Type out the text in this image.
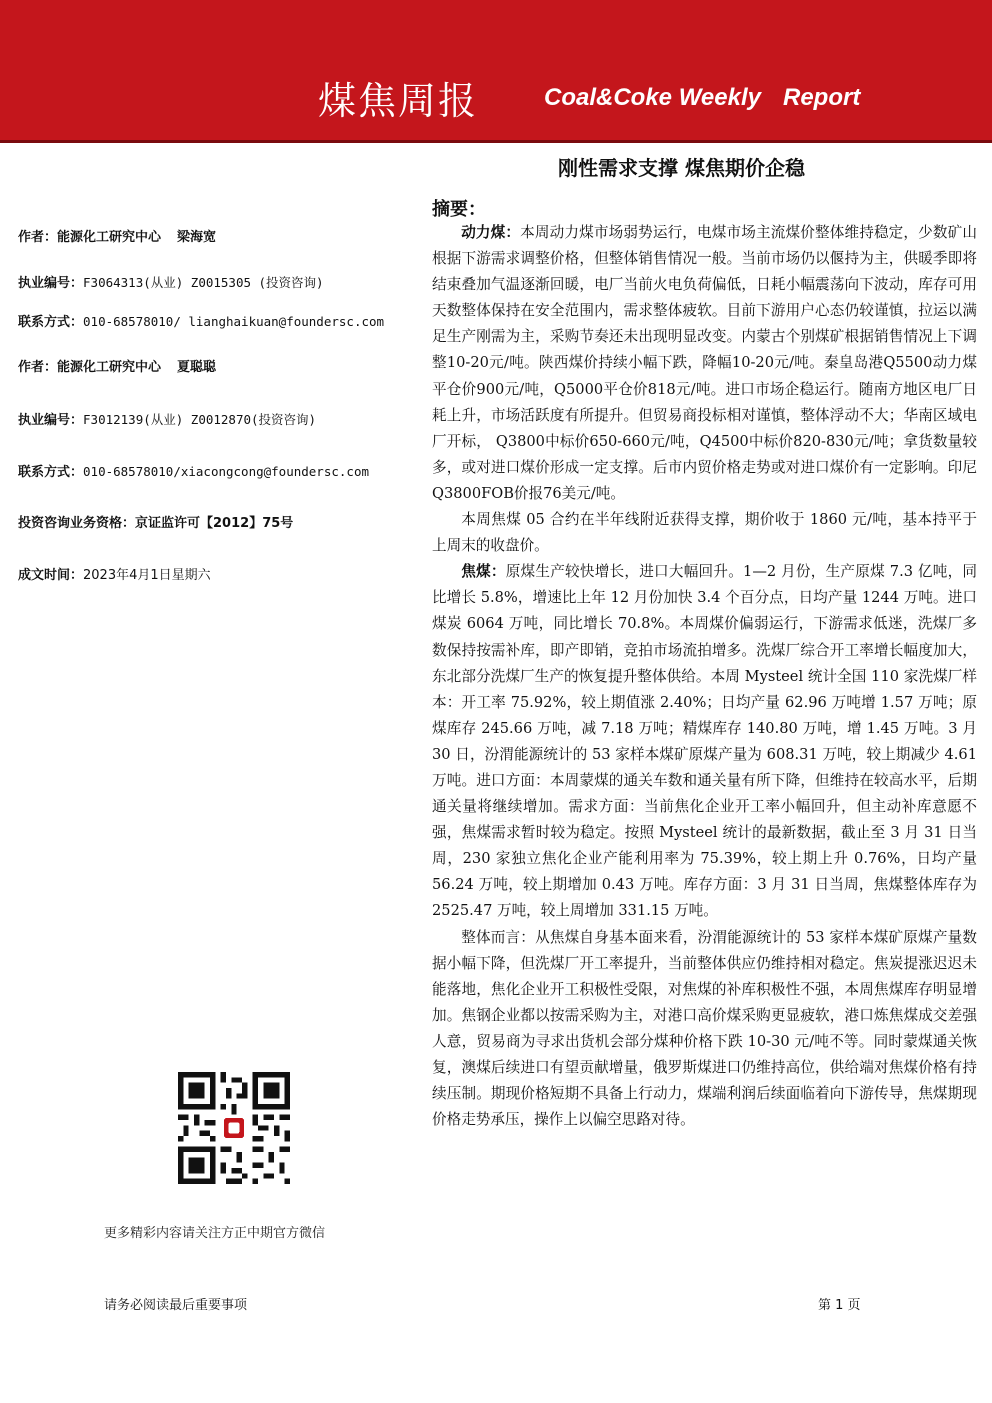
煤焦周报	Coal&Coke Weekly Report
刚性需求支撑 煤焦期价企稳
作者：能源化工研究中心 梁海宽
执业编号：F3064313(从业) Z0015305 (投资咨询)
联系方式：010-68578010/ lianghaikuan@foundersc.com
作者：能源化工研究中心 夏聪聪
执业编号：F3012139(从业) Z0012870(投资咨询)
联系方式：010-68578010/xiacongcong@foundersc.com
投资咨询业务资格：京证监许可【2012】75号
成文时间：2023年4月1日星期六
更多精彩内容请关注方正中期官方微信
摘要：

动力煤：本周动力煤市场弱势运行，电煤市场主流煤价整体维持稳定，少数矿山根据下游需求调整价格，但整体销售情况一般。当前市场仍以偃持为主，供暖季即将结束叠加气温逐渐回暖，电厂当前火电负荷偏低，日耗小幅震荡向下波动，库存可用天数整体保持在安全范围内，需求整体疲软。目前下游用户心态仍较谨慎，拉运以满足生产刚需为主，采购节奏还未出现明显改变。内蒙古个别煤矿根据销售情况上下调整10-20元/吨。陕西煤价持续小幅下跌，降幅10-20元/吨。秦皇岛港Q5500动力煤平仓价900元/吨，Q5000平仓价818元/吨。进口市场企稳运行。随南方地区电厂日耗上升，市场活跃度有所提升。但贸易商投标相对谨慎，整体浮动不大；华南区域电厂开标， Q3800中标价650-660元/吨，Q4500中标价820-830元/吨；拿货数量较多，或对进口煤价形成一定支撑。后市内贸价格走势或对进口煤价有一定影响。印尼Q3800FOB价报76美元/吨。

本周焦煤 05 合约在半年线附近获得支撑，期价收于 1860 元/吨，基本持平于上周末的收盘价。

焦煤：原煤生产较快增长，进口大幅回升。1—2 月份，生产原煤 7.3 亿吨，同比增长 5.8%，增速比上年 12 月份加快 3.4 个百分点，日均产量 1244 万吨。进口煤炭 6064 万吨，同比增长 70.8%。本周煤价偏弱运行，下游需求低迷，洗煤厂多数保持按需补库，即产即销，竞拍市场流拍增多。洗煤厂综合开工率增长幅度加大，东北部分洗煤厂生产的恢复提升整体供给。本周 Mysteel 统计全国 110 家洗煤厂样本：开工率 75.92%，较上期值涨 2.40%；日均产量 62.96 万吨增 1.57 万吨；原煤库存 245.66 万吨，减 7.18 万吨；精煤库存 140.80 万吨，增 1.45 万吨。3 月 30 日，汾渭能源统计的 53 家样本煤矿原煤产量为 608.31 万吨，较上期减少 4.61 万吨。进口方面：本周蒙煤的通关车数和通关量有所下降，但维持在较高水平，后期通关量将继续增加。需求方面：当前焦化企业开工率小幅回升，但主动补库意愿不强，焦煤需求暂时较为稳定。按照 Mysteel 统计的最新数据，截止至 3 月 31 日当周，230 家独立焦化企业产能利用率为 75.39%，较上期上升 0.76%，日均产量 56.24 万吨，较上期增加 0.43 万吨。库存方面：3 月 31 日当周，焦煤整体库存为 2525.47 万吨，较上周增加 331.15 万吨。

整体而言：从焦煤自身基本面来看，汾渭能源统计的 53 家样本煤矿原煤产量数据小幅下降，但洗煤厂开工率提升，当前整体供应仍维持相对稳定。焦炭提涨迟迟未能落地，焦化企业开工积极性受限，对焦煤的补库积极性不强，本周焦煤库存明显增加。焦钢企业都以按需采购为主，对港口高价煤采购更显疲软，港口炼焦煤成交差强人意，贸易商为寻求出货机会部分煤种价格下跌 10-30 元/吨不等。同时蒙煤通关恢复，澳煤后续进口有望贡献增量，俄罗斯煤进口仍维持高位，供给端对焦煤价格有持续压制。期现价格短期不具备上行动力，煤端利润后续面临着向下游传导，焦煤期现价格走势承压，操作上以偏空思路对待。

请务必阅读最后重要事项	第 1 页
